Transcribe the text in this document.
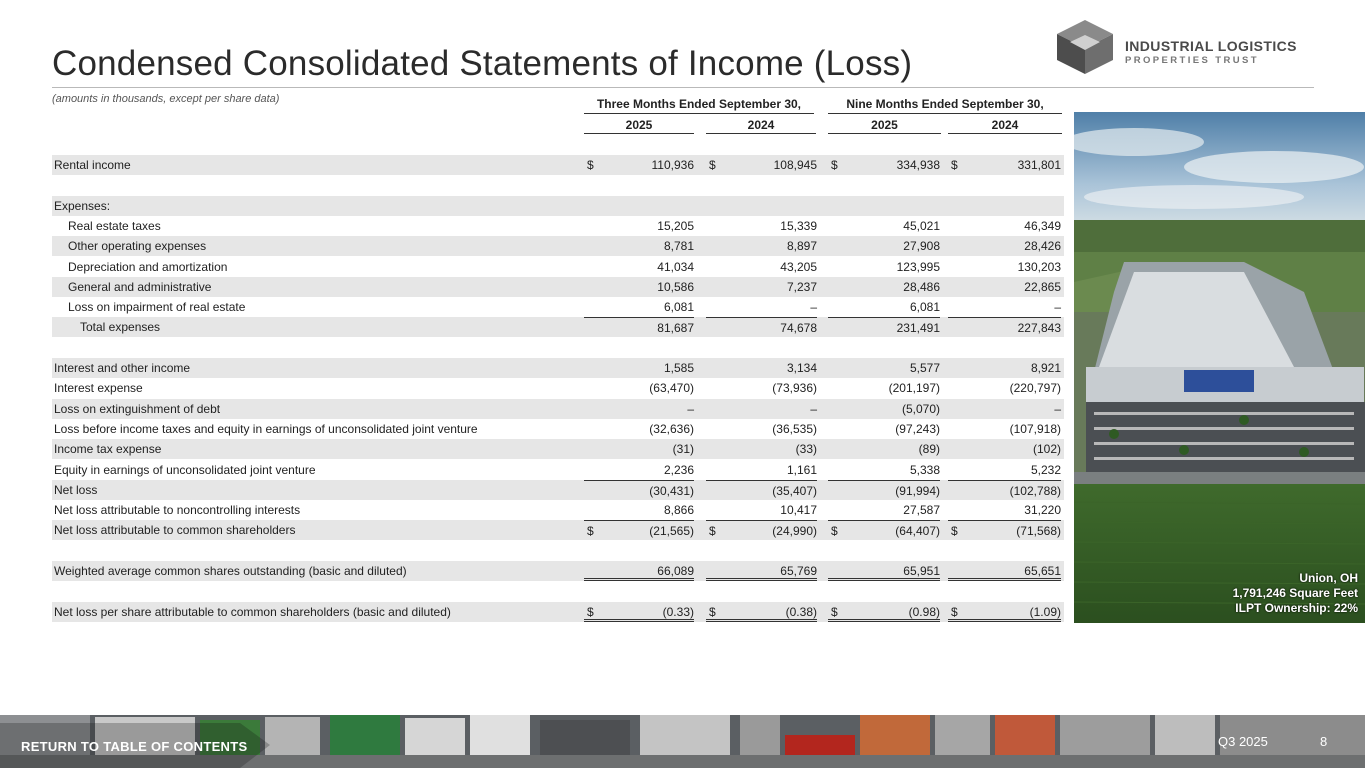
Condensed Consolidated Statements of Income (Loss)	INDUSTRIAL LOGISTICS
PROPERTIES TRUST
(amounts in thousands, except per share data)	Three Months Ended September 30,	Nine Months Ended September 30,
2025	2024	2025	2024
Rental income	$	110,936 $	108,945 $	334,938 $	331,801
Expenses:
Real estate taxes	15,205	15,339	45,021	46,349
Other operating expenses	8,781	8,897	27,908	28,426
Depreciation and amortization	41,034	43,205	123,995	130,203
General and administrative	10,586	7,237	28,486	22,865
Loss on impairment of real estate	6,081	–	6,081	–
Total expenses	81,687	74,678	231,491	227,843
Interest and other income	1,585	3,134	5,577	8,921
Interest expense	(63,470)	(73,936)	(201,197)	(220,797)
Loss on extinguishment of debt	–	–	(5,070)	–
Loss before income taxes and equity in earnings of unconsolidated joint venture	(32,636)	(36,535)	(97,243)	(107,918)
Income tax expense	(31)	(33)	(89)	(102)
Equity in earnings of unconsolidated joint venture	2,236	1,161	5,338	5,232
Net loss	(30,431)	(35,407)	(91,994)	(102,788)
Net loss attributable to noncontrolling interests	8,866	10,417	27,587	31,220
Net loss attributable to common shareholders	$	(21,565) $	(24,990) $	(64,407) $	(71,568)
Weighted average common shares outstanding (basic and diluted)	66,089	65,769	65,951	65,651
Net loss per share attributable to common shareholders (basic and diluted)	$	(0.33) $	(0.38) $	(0.98) $	(1.09)
Union, OH
1,791,246 Square Feet
ILPT Ownership: 22%
RETURN TO TABLE OF CONTENTS	Q3 2025	8
